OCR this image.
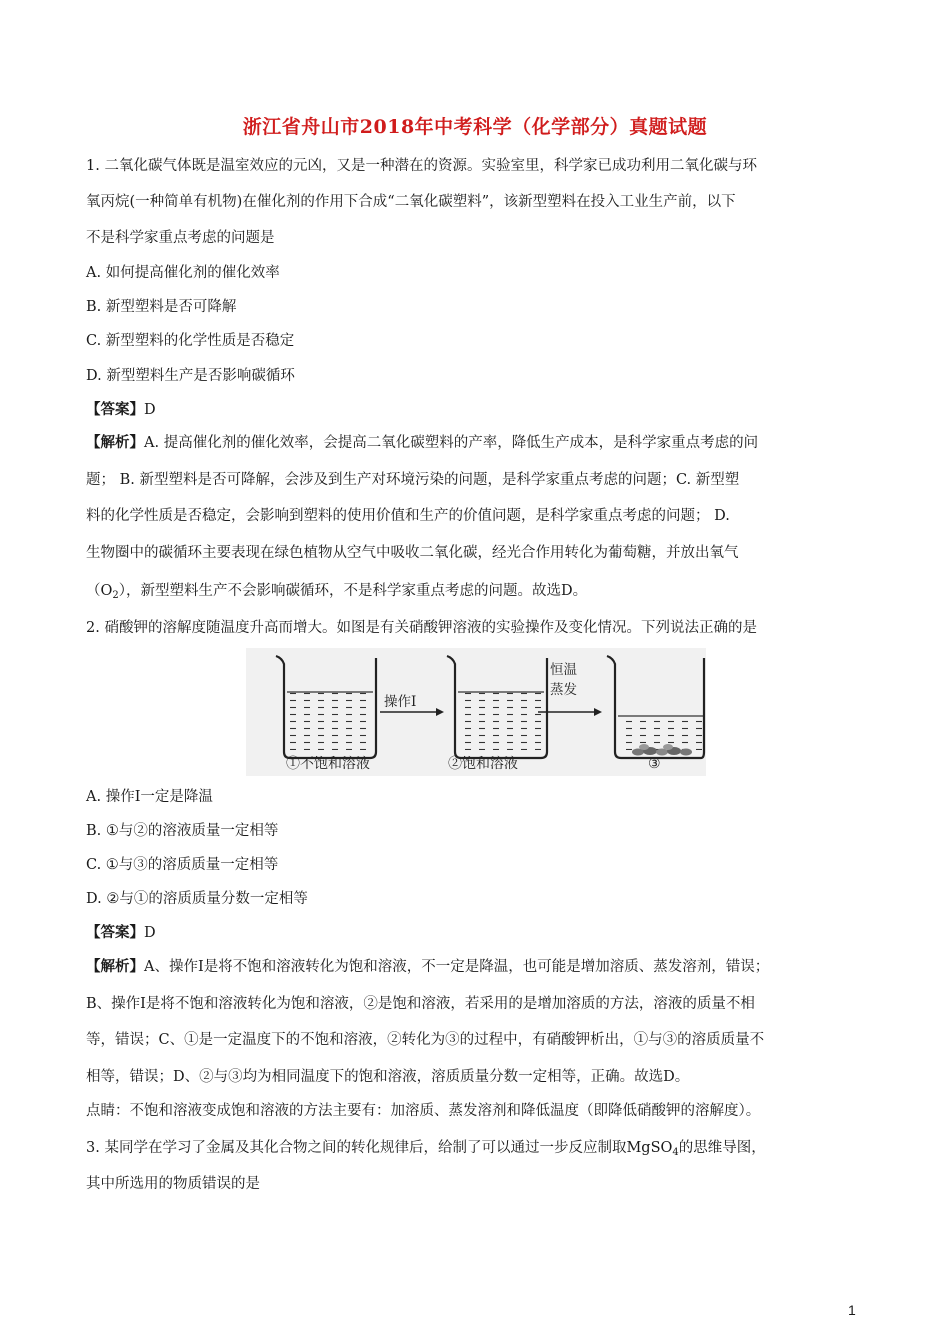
浙江省舟山市2018年中考科学（化学部分）真题试题
1. 二氧化碳气体既是温室效应的元凶，又是一种潜在的资源。实验室里，科学家已成功利用二氧化碳与环
氧丙烷(一种简单有机物)在催化剂的作用下合成“二氧化碳塑料”，该新型塑料在投入工业生产前，以下
不是科学家重点考虑的问题是
A. 如何提高催化剂的催化效率
B. 新型塑料是否可降解
C. 新型塑料的化学性质是否稳定
D. 新型塑料生产是否影响碳循环
【答案】D
【解析】A. 提高催化剂的催化效率，会提高二氧化碳塑料的产率，降低生产成本，是科学家重点考虑的问
题； B. 新型塑料是否可降解，会涉及到生产对环境污染的问题，是科学家重点考虑的问题；C. 新型塑
料的化学性质是否稳定，会影响到塑料的使用价值和生产的价值问题，是科学家重点考虑的问题； D.
生物圈中的碳循环主要表现在绿色植物从空气中吸收二氧化碳，经光合作用转化为葡萄糖，并放出氧气
$(O_2)$，新型塑料生产不会影响碳循环，不是科学家重点考虑的问题。故选D。
2. 硝酸钾的溶解度随温度升高而增大。如图是有关硝酸钾溶液的实验操作及变化情况。下列说法正确的是
①不饱和溶液
操作Ⅰ
②饱和溶液
恒温
蒸发
③
A. 操作Ⅰ一定是降温
B. ①与②的溶液质量一定相等
C. ①与③的溶质质量一定相等
D. ②与①的溶质质量分数一定相等
【答案】D
【解析】A、操作Ⅰ是将不饱和溶液转化为饱和溶液，不一定是降温，也可能是增加溶质、蒸发溶剂，错误；
B、操作Ⅰ是将不饱和溶液转化为饱和溶液，②是饱和溶液，若采用的是增加溶质的方法，溶液的质量不相
等，错误；C、①是一定温度下的不饱和溶液，②转化为③的过程中，有硝酸钾析出，①与③的溶质质量不
相等，错误；D、②与③均为相同温度下的饱和溶液，溶质质量分数一定相等，正确。故选D。
点睛：不饱和溶液变成饱和溶液的方法主要有：加溶质、蒸发溶剂和降低温度（即降低硝酸钾的溶解度）。
3. 某同学在学习了金属及其化合物之间的转化规律后，给制了可以通过一步反应制取MgSO$_4$的思维导图，
其中所选用的物质错误的是
1
